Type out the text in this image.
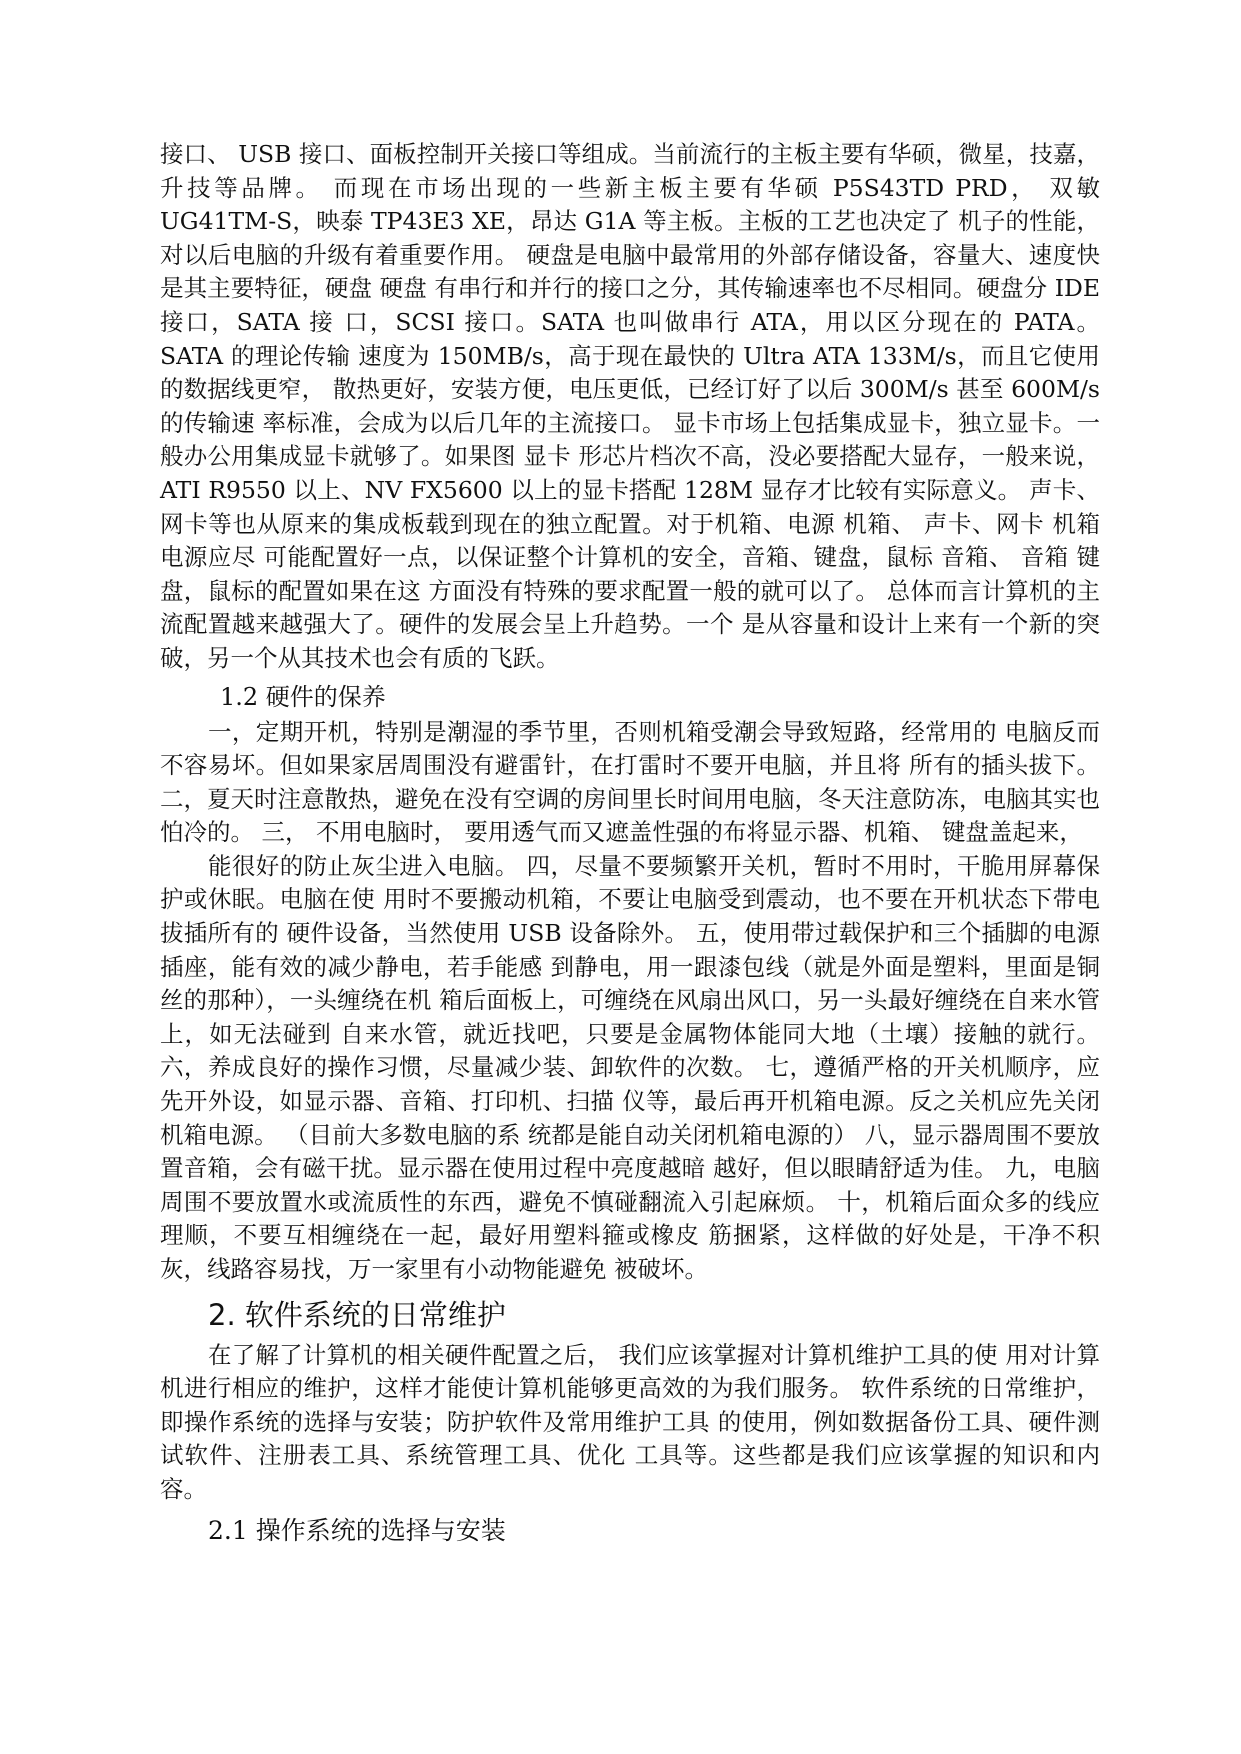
接口、 USB 接口、面板控制开关接口等组成。当前流行的主板主要有华硕，微星，技嘉， 升技等品牌。 而现在市场出现的一些新主板主要有华硕 P5S43TD PRD， 双敏 UG41TM-S，映泰 TP43E3 XE，昂达 G1A 等主板。主板的工艺也决定了 机子的性能，对以后电脑的升级有着重要作用。 硬盘是电脑中最常用的外部存储设备，容量大、速度快是其主要特征，硬盘 硬盘 有串行和并行的接口之分，其传输速率也不尽相同。硬盘分 IDE 接口，SATA 接 口，SCSI 接口。SATA 也叫做串行 ATA，用以区分现在的 PATA。SATA 的理论传输 速度为 150MB/s，高于现在最快的 Ultra ATA 133M/s，而且它使用的数据线更窄， 散热更好，安装方便，电压更低，已经订好了以后 300M/s 甚至 600M/s 的传输速 率标准，会成为以后几年的主流接口。 显卡市场上包括集成显卡，独立显卡。一般办公用集成显卡就够了。如果图 显卡 形芯片档次不高，没必要搭配大显存，一般来说，ATI R9550 以上、NV FX5600 以上的显卡搭配 128M 显存才比较有实际意义。 声卡、网卡等也从原来的集成板载到现在的独立配置。对于机箱、电源 机箱、 声卡、网卡 机箱 电源应尽 可能配置好一点，以保证整个计算机的安全，音箱、键盘，鼠标 音箱、 音箱 键盘，鼠标的配置如果在这 方面没有特殊的要求配置一般的就可以了。 总体而言计算机的主流配置越来越强大了。硬件的发展会呈上升趋势。一个 是从容量和设计上来有一个新的突破，另一个从其技术也会有质的飞跃。

1.2 硬件的保养

一，定期开机，特别是潮湿的季节里，否则机箱受潮会导致短路，经常用的 电脑反而不容易坏。但如果家居周围没有避雷针，在打雷时不要开电脑，并且将 所有的插头拔下。 二，夏天时注意散热，避免在没有空调的房间里长时间用电脑，冬天注意防冻，电脑其实也怕冷的。 三， 不用电脑时， 要用透气而又遮盖性强的布将显示器、机箱、 键盘盖起来，

能很好的防止灰尘进入电脑。 四，尽量不要频繁开关机，暂时不用时，干脆用屏幕保护或休眠。电脑在使 用时不要搬动机箱，不要让电脑受到震动，也不要在开机状态下带电拔插所有的 硬件设备，当然使用 USB 设备除外。 五，使用带过载保护和三个插脚的电源插座，能有效的减少静电，若手能感 到静电，用一跟漆包线（就是外面是塑料，里面是铜丝的那种），一头缠绕在机 箱后面板上，可缠绕在风扇出风口，另一头最好缠绕在自来水管上，如无法碰到 自来水管，就近找吧，只要是金属物体能同大地（土壤）接触的就行。 六，养成良好的操作习惯，尽量减少装、卸软件的次数。 七，遵循严格的开关机顺序，应先开外设，如显示器、音箱、打印机、扫描 仪等，最后再开机箱电源。反之关机应先关闭机箱电源。 （目前大多数电脑的系 统都是能自动关闭机箱电源的） 八，显示器周围不要放置音箱，会有磁干扰。显示器在使用过程中亮度越暗 越好，但以眼睛舒适为佳。 九，电脑周围不要放置水或流质性的东西，避免不慎碰翻流入引起麻烦。 十，机箱后面众多的线应理顺，不要互相缠绕在一起，最好用塑料箍或橡皮 筋捆紧，这样做的好处是，干净不积灰，线路容易找，万一家里有小动物能避免 被破坏。

2. 软件系统的日常维护

在了解了计算机的相关硬件配置之后， 我们应该掌握对计算机维护工具的使 用对计算机进行相应的维护，这样才能使计算机能够更高效的为我们服务。 软件系统的日常维护，即操作系统的选择与安装；防护软件及常用维护工具 的使用，例如数据备份工具、硬件测试软件、注册表工具、系统管理工具、优化 工具等。这些都是我们应该掌握的知识和内容。

2.1 操作系统的选择与安装
